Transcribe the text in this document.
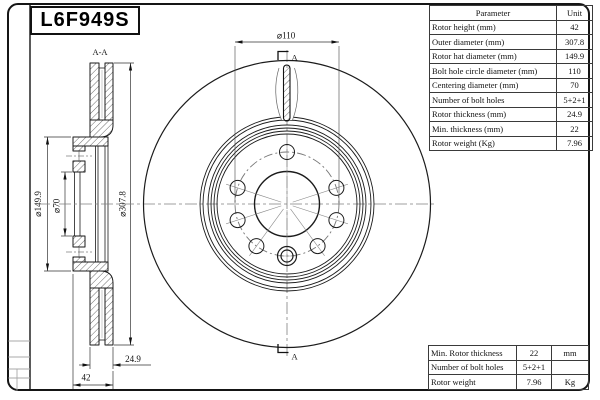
A-A
⌀307.8
⌀149.9 ⌀70
24.9
42
⌀110
A
A
L6F949S	Parameter	Unit
Rotor height (mm)	42
Outer diameter (mm)	307.8
Rotor hat diameter (mm)	149.9
Bolt hole circle diameter (mm)	110
Centering diameter (mm)	70
Number of bolt holes	5+2+1
Rotor thickness (mm)	24.9
Min. thickness (mm)	22
Rotor weight (Kg)	7.96
Min. Rotor thickness	22	mm
Number of bolt holes	5+2+1	
Rotor weight	7.96	Kg
